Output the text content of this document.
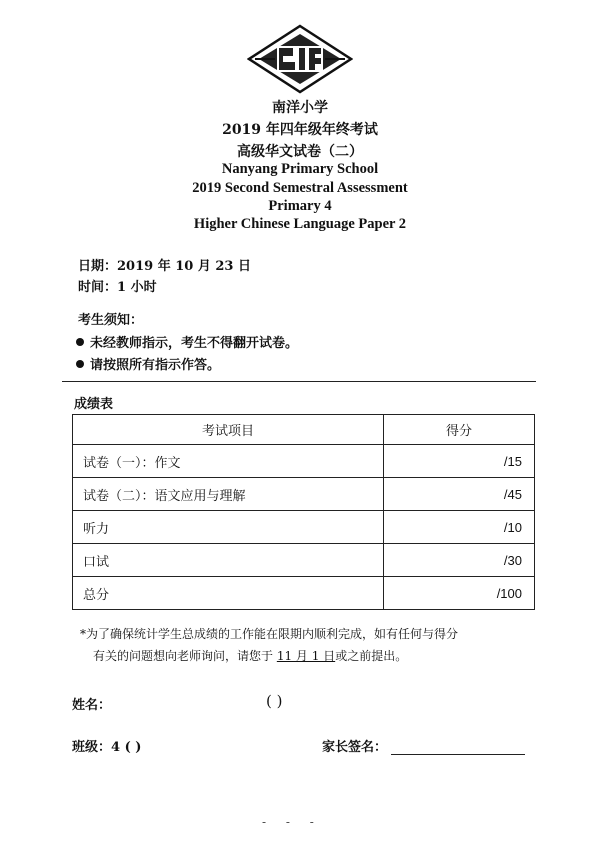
南洋小学
2019 年四年级年终考试
高级华文试卷（二）
Nanyang Primary School
2019 Second Semestral Assessment
Primary 4
Higher Chinese Language Paper 2
日期：2019 年 10 月 23 日
时间：1 小时
考生须知：
未经教师指示，考生不得翻开试卷。
请按照所有指示作答。
成绩表
考试项目	得分
试卷（一）：作文	/15
试卷（二）：语文应用与理解	/45
听力	/10
口试	/30
总分	/100
*为了确保统计学生总成绩的工作能在限期内顺利完成，如有任何与得分
有关的问题想向老师询问，请您于 11 月 1 日或之前提出。
姓名：	( )
班级：4 ( )	家长签名：
- - -
